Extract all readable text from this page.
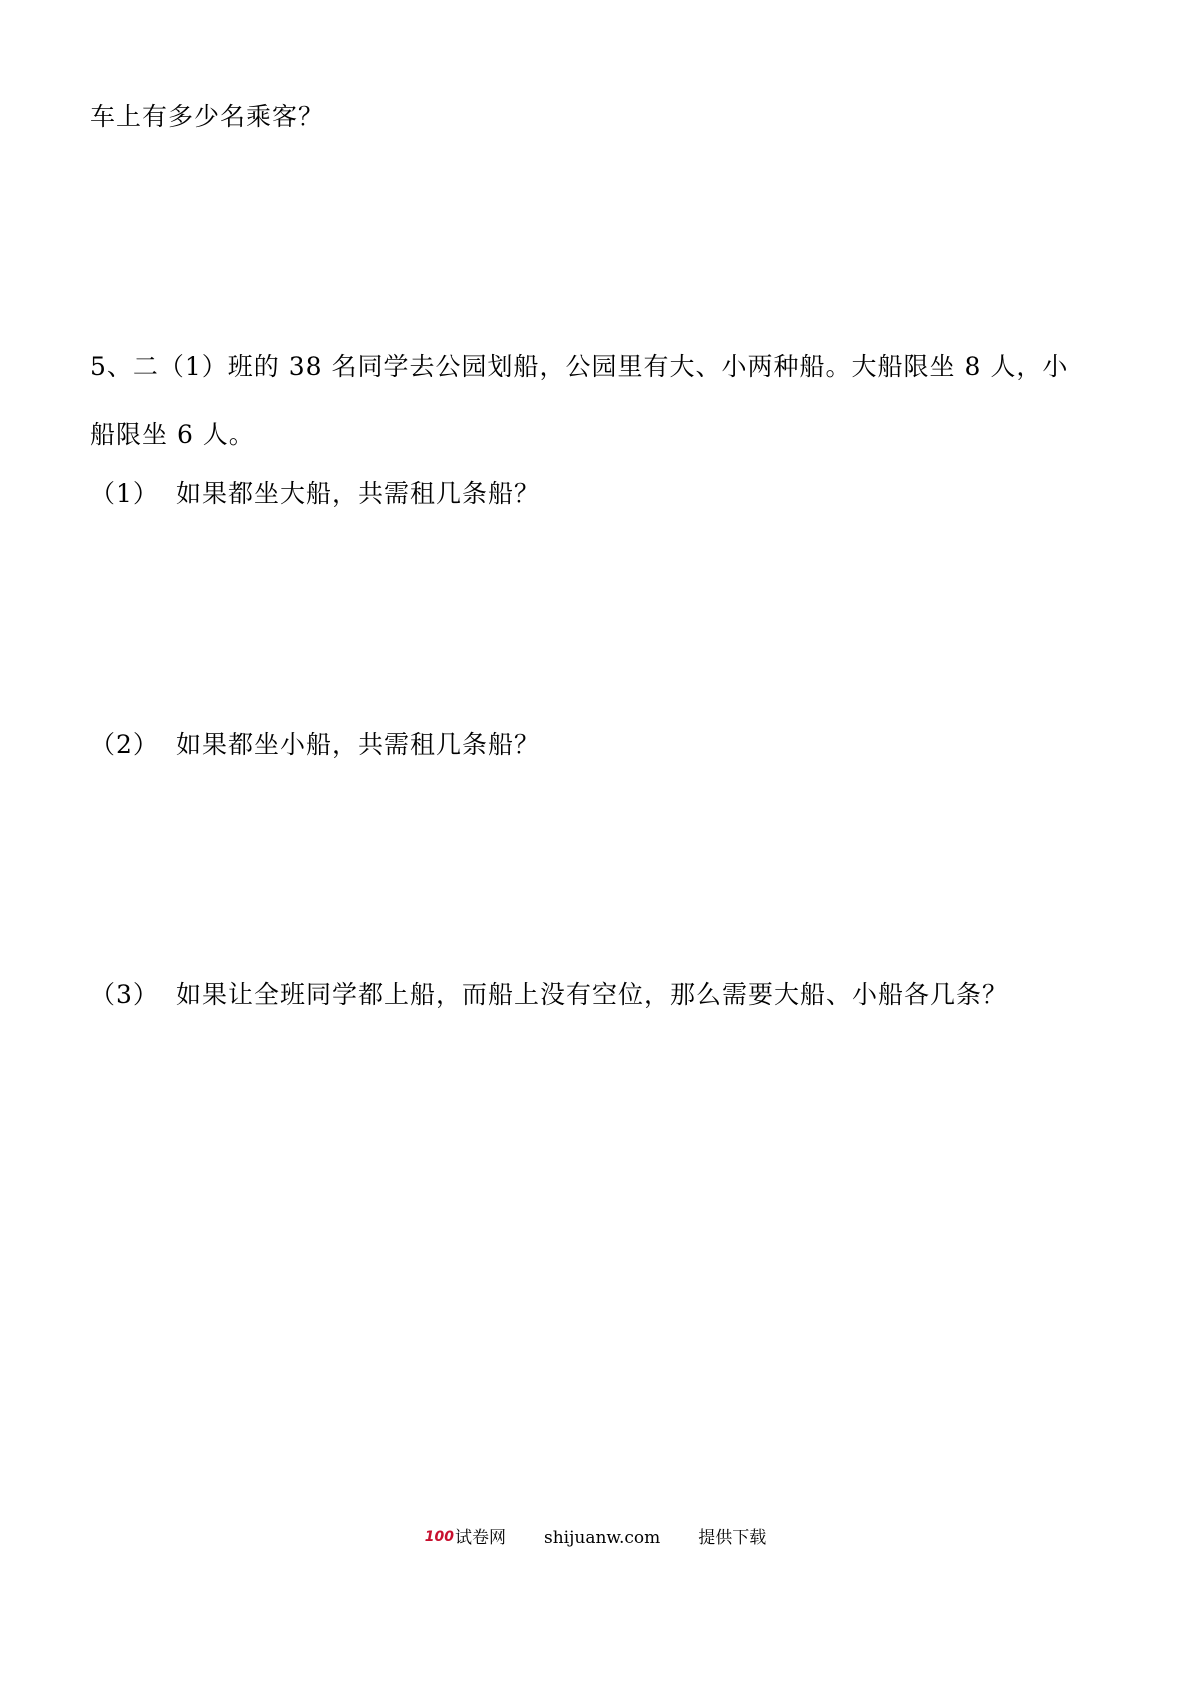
车上有多少名乘客？
5、二（1）班的 38 名同学去公园划船，公园里有大、小两种船。大船限坐 8 人，小
船限坐 6 人。
（1） 如果都坐大船，共需租几条船？
（2） 如果都坐小船，共需租几条船？
（3） 如果让全班同学都上船，而船上没有空位，那么需要大船、小船各几条？
100试卷网 shijuanw.com 提供下载
